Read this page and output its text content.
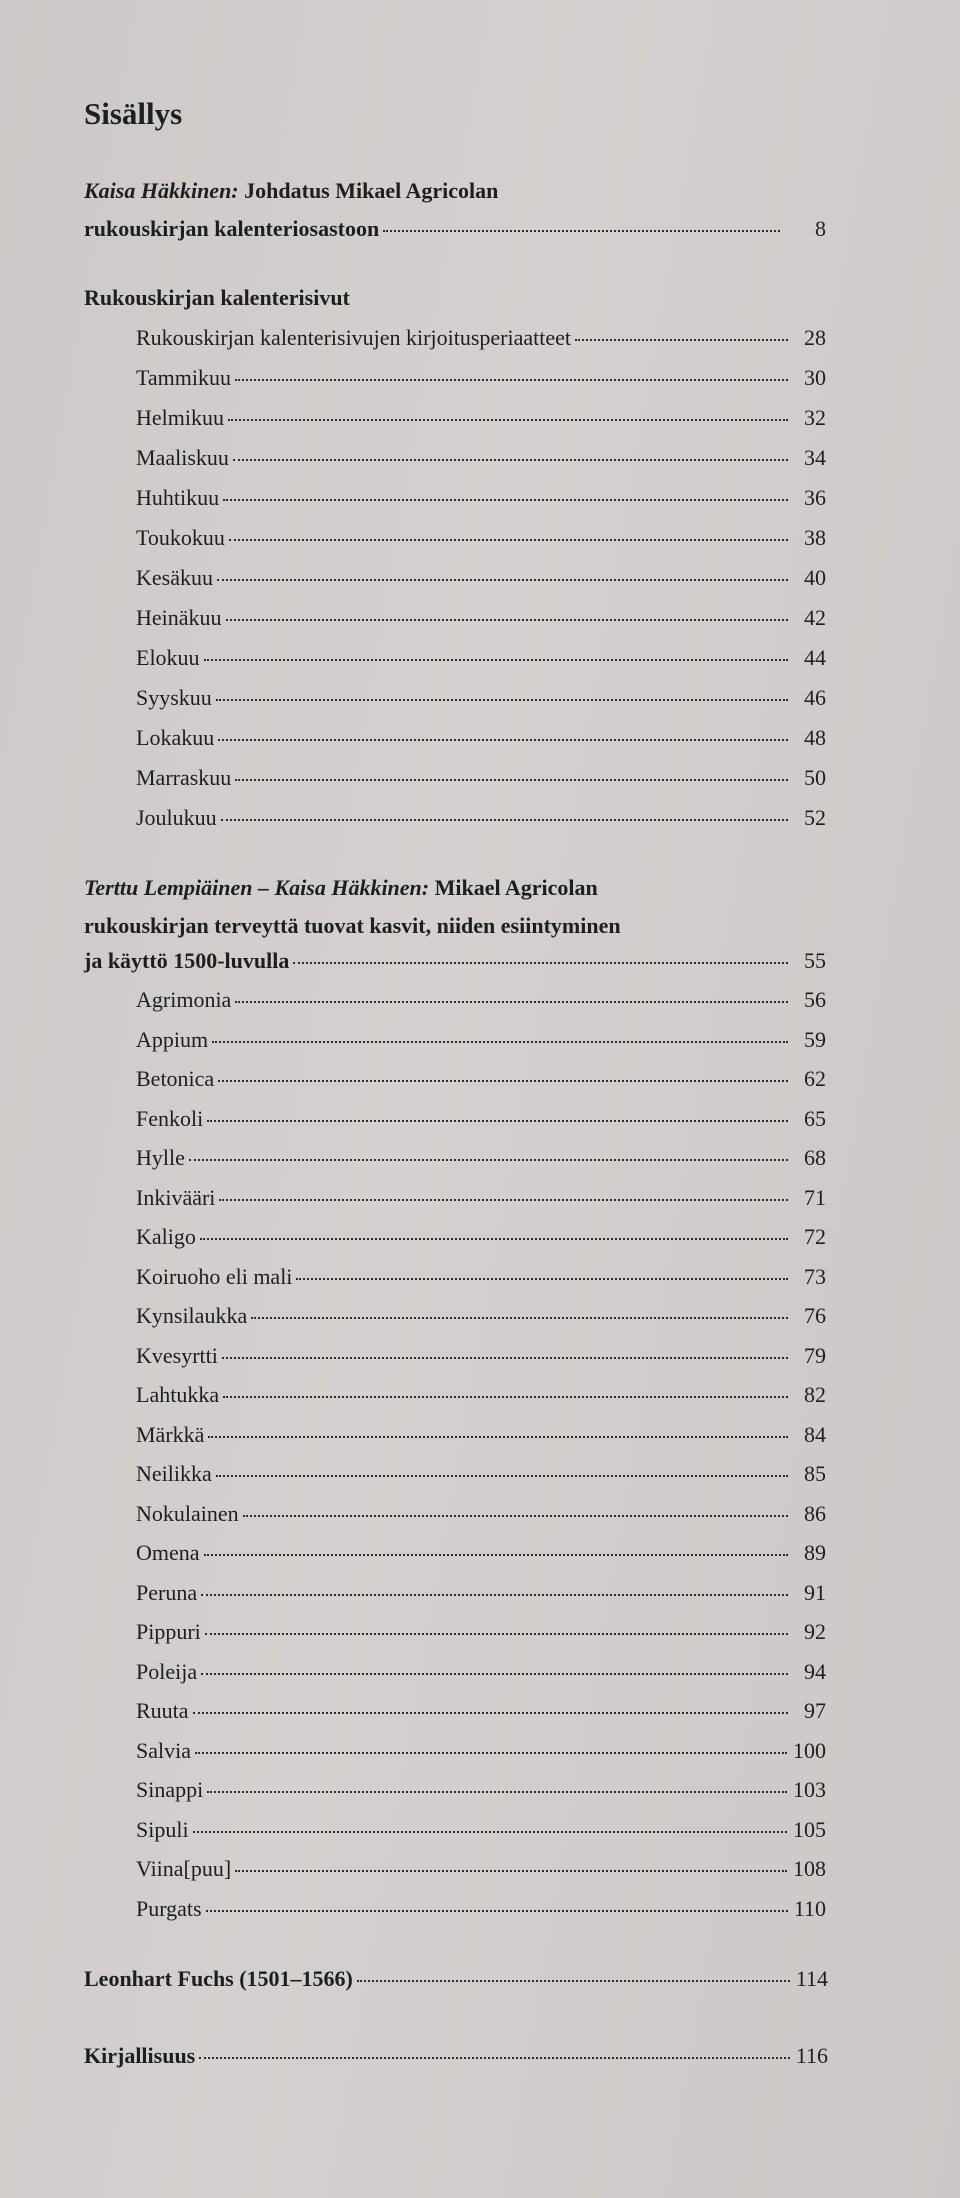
Sisällys
Kaisa Häkkinen: Johdatus Mikael Agricolan
rukouskirjan kalenteriosastoon	8
Rukouskirjan kalenterisivut
Rukouskirjan kalenterisivujen kirjoitusperiaatteet	28
Tammikuu	30
Helmikuu	32
Maaliskuu	34
Huhtikuu	36
Toukokuu	38
Kesäkuu	40
Heinäkuu	42
Elokuu	44
Syyskuu	46
Lokakuu	48
Marraskuu	50
Joulukuu	52
Terttu Lempiäinen – Kaisa Häkkinen: Mikael Agricolan
rukouskirjan terveyttä tuovat kasvit, niiden esiintyminen
ja käyttö 1500-luvulla	55
Agrimonia	56
Appium	59
Betonica	62
Fenkoli	65
Hylle	68
Inkivääri	71
Kaligo	72
Koiruoho eli mali	73
Kynsilaukka	76
Kvesyrtti	79
Lahtukka	82
Märkkä	84
Neilikka	85
Nokulainen	86
Omena	89
Peruna	91
Pippuri	92
Poleija	94
Ruuta	97
Salvia	100
Sinappi	103
Sipuli	105
Viina[puu]	108
Purgats	110
Leonhart Fuchs (1501–1566)	114
Kirjallisuus	116
